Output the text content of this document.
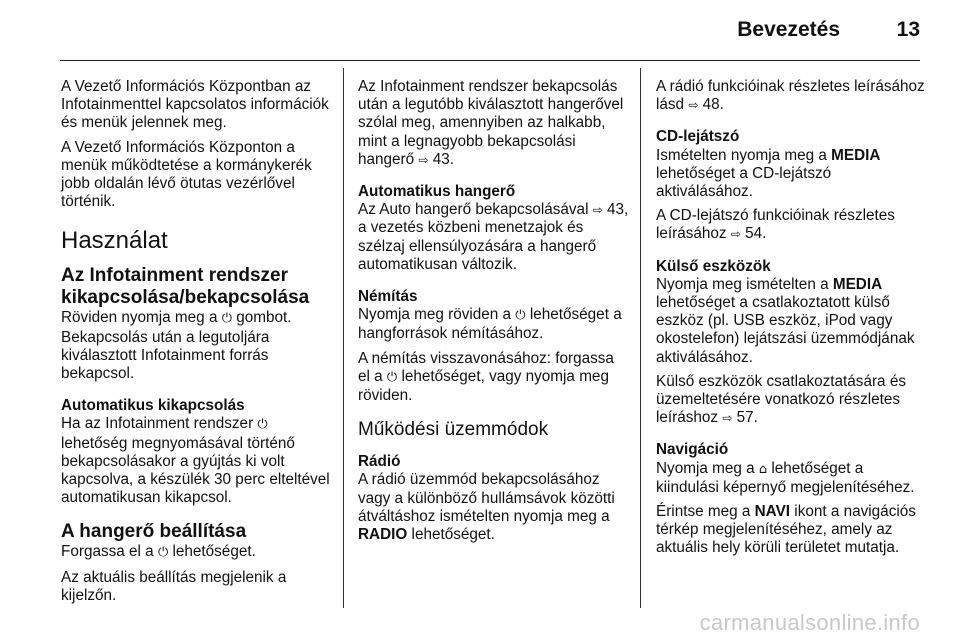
Bevezetés	13

A Vezető Információs Központban az Infotainmenttel kapcsolatos információk és menük jelennek meg.

A Vezető Információs Központon a menük működtetése a kormánykerék jobb oldalán lévő ötutas vezérlővel történik.

Használat
Az Infotainment rendszer kikapcsolása/bekapcsolása

Röviden nyomja meg a ⏻ gombot. Bekapcsolás után a legutoljára kiválasztott Infotainment forrás bekapcsol.

Automatikus kikapcsolás

Ha az Infotainment rendszer ⏻ lehetőség megnyomásával történő bekapcsolásakor a gyújtás ki volt kapcsolva, a készülék 30 perc elteltével automatikusan kikapcsol.

A hangerő beállítása

Forgassa el a ⏻ lehetőséget.

Az aktuális beállítás megjelenik a kijelzőn.

Az Infotainment rendszer bekapcsolás után a legutóbb kiválasztott hangerővel szólal meg, amennyiben az halkabb, mint a legnagyobb bekapcsolási hangerő ⇨ 43.

Automatikus hangerő

Az Auto hangerő bekapcsolásával ⇨ 43, a vezetés közbeni menetzajok és szélzaj ellensúlyozására a hangerő automatikusan változik.

Némítás

Nyomja meg röviden a ⏻ lehetőséget a hangforrások némításához.

A némítás visszavonásához: forgassa el a ⏻ lehetőséget, vagy nyomja meg röviden.

Működési üzemmódok
Rádió

A rádió üzemmód bekapcsolásához vagy a különböző hullámsávok közötti átváltáshoz ismételten nyomja meg a RADIO lehetőséget.

A rádió funkcióinak részletes leírásához lásd ⇨ 48.

CD-lejátszó

Ismételten nyomja meg a MEDIA lehetőséget a CD-lejátszó aktiválásához.

A CD-lejátszó funkcióinak részletes leírásához ⇨ 54.

Külső eszközök

Nyomja meg ismételten a MEDIA lehetőséget a csatlakoztatott külső eszköz (pl. USB eszköz, iPod vagy okostelefon) lejátszási üzemmódjának aktiválásához.

Külső eszközök csatlakoztatására és üzemeltetésére vonatkozó részletes leíráshoz ⇨ 57.

Navigáció

Nyomja meg a ⌂ lehetőséget a kiindulási képernyő megjelenítéséhez.

Érintse meg a NAVI ikont a navigációs térkép megjelenítéséhez, amely az aktuális hely körüli területet mutatja.

carmanualsonline.info
